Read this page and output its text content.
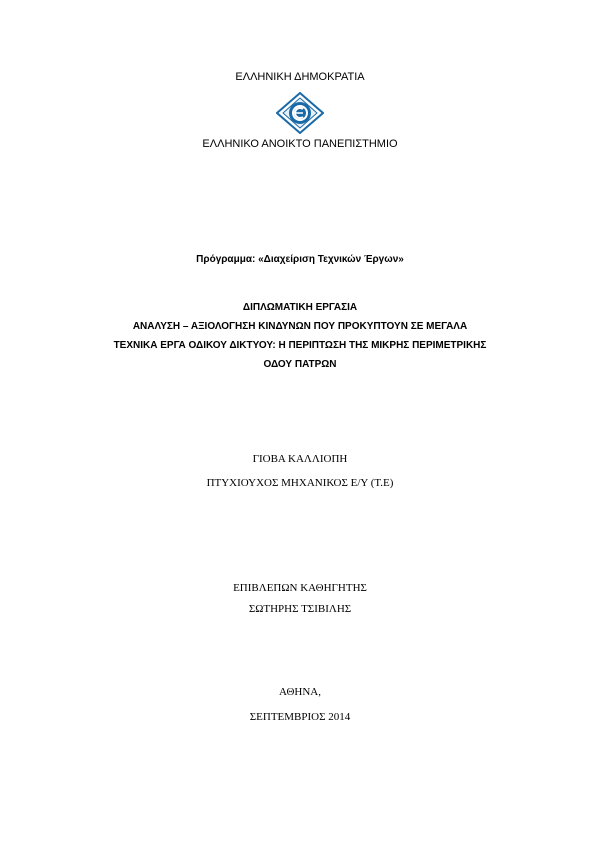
ΕΛΛΗΝΙΚΗ ΔΗΜΟΚΡΑΤΙΑ
ΕΛΛΗΝΙΚΟ ΑΝΟΙΚΤΟ ΠΑΝΕΠΙΣΤΗΜΙΟ
Πρόγραμμα: «Διαχείριση Τεχνικών Έργων»
ΔΙΠΛΩΜΑΤΙΚΗ ΕΡΓΑΣΙΑ
ΑΝΑΛΥΣΗ – ΑΞΙΟΛΟΓΗΣΗ ΚΙΝΔΥΝΩΝ ΠΟΥ ΠΡΟΚΥΠΤΟΥΝ ΣΕ ΜΕΓΑΛΑ
ΤΕΧΝΙΚΑ ΕΡΓΑ ΟΔΙΚΟΥ ΔΙΚΤΥΟΥ: Η ΠΕΡΙΠΤΩΣΗ ΤΗΣ ΜΙΚΡΗΣ ΠΕΡΙΜΕΤΡΙΚΗΣ
ΟΔΟΥ ΠΑΤΡΩΝ
ΓΙΟΒΑ ΚΑΛΛΙΟΠΗ
ΠΤΥΧΙΟΥΧΟΣ ΜΗΧΑΝΙΚΟΣ Ε/Υ (Τ.Ε)
ΕΠΙΒΛΕΠΩΝ ΚΑΘΗΓΗΤΗΣ
ΣΩΤΗΡΗΣ ΤΣΙΒΙΛΗΣ
ΑΘΗΝΑ,
ΣΕΠΤΕΜΒΡΙΟΣ 2014
